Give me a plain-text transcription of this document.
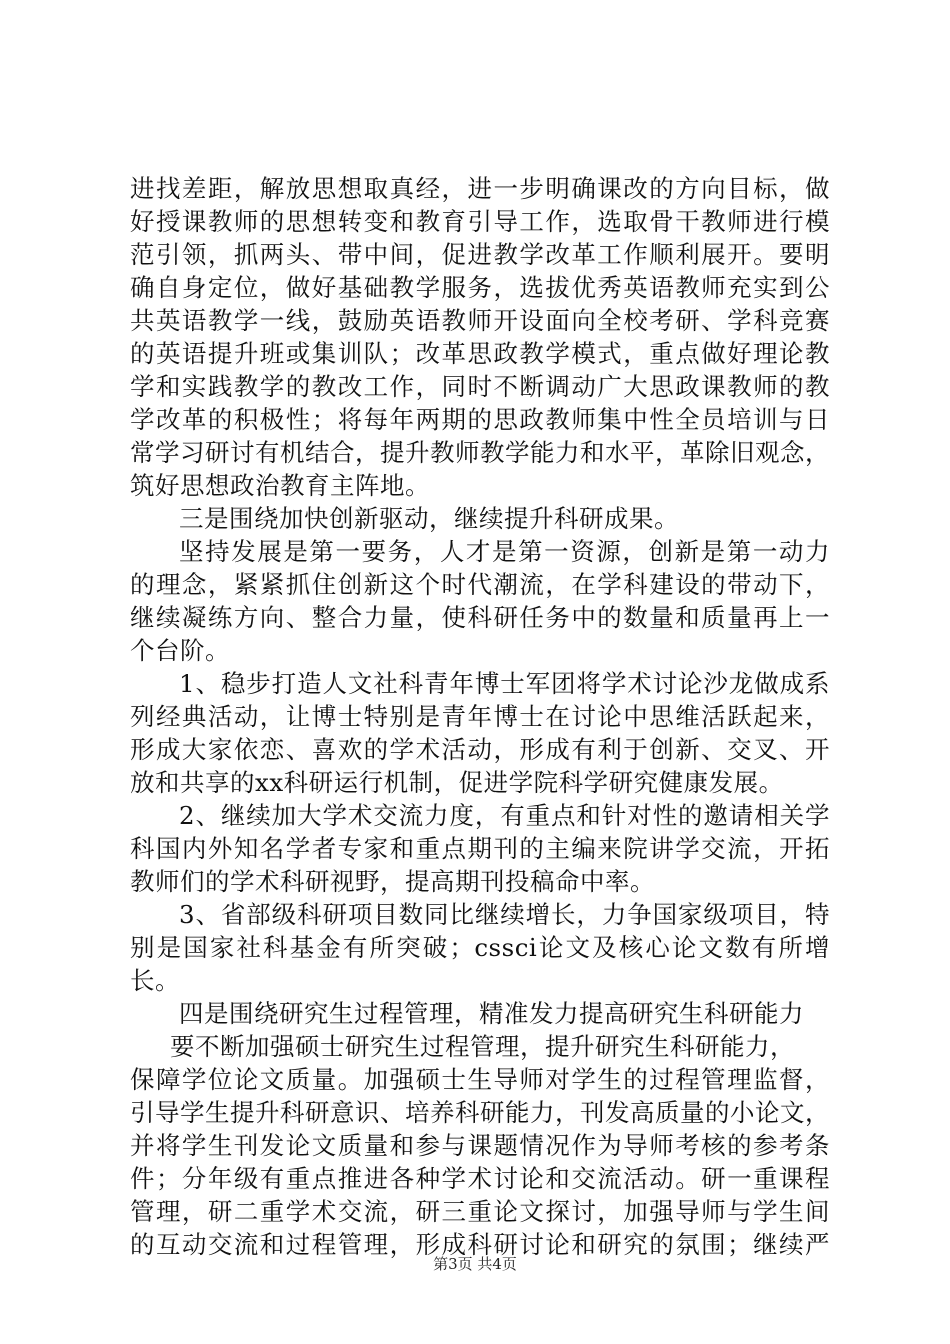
进找差距，解放思想取真经，进一步明确课改的方向目标，做
好授课教师的思想转变和教育引导工作，选取骨干教师进行模
范引领，抓两头、带中间，促进教学改革工作顺利展开。要明
确自身定位，做好基础教学服务，选拔优秀英语教师充实到公
共英语教学一线，鼓励英语教师开设面向全校考研、学科竞赛
的英语提升班或集训队；改革思政教学模式，重点做好理论教
学和实践教学的教改工作，同时不断调动广大思政课教师的教
学改革的积极性；将每年两期的思政教师集中性全员培训与日
常学习研讨有机结合，提升教师教学能力和水平，革除旧观念，
筑好思想政治教育主阵地。
三是围绕加快创新驱动，继续提升科研成果。
坚持发展是第一要务，人才是第一资源，创新是第一动力
的理念，紧紧抓住创新这个时代潮流，在学科建设的带动下，
继续凝练方向、整合力量，使科研任务中的数量和质量再上一
个台阶。
1、稳步打造人文社科青年博士军团将学术讨论沙龙做成系
列经典活动，让博士特别是青年博士在讨论中思维活跃起来，
形成大家依恋、喜欢的学术活动，形成有利于创新、交叉、开
放和共享的xx科研运行机制，促进学院科学研究健康发展。
2、继续加大学术交流力度，有重点和针对性的邀请相关学
科国内外知名学者专家和重点期刊的主编来院讲学交流，开拓
教师们的学术科研视野，提高期刊投稿命中率。
3、省部级科研项目数同比继续增长，力争国家级项目，特
别是国家社科基金有所突破；cssci论文及核心论文数有所增
长。
四是围绕研究生过程管理，精准发力提高研究生科研能力
要不断加强硕士研究生过程管理，提升研究生科研能力，
保障学位论文质量。加强硕士生导师对学生的过程管理监督，
引导学生提升科研意识、培养科研能力，刊发高质量的小论文，
并将学生刊发论文质量和参与课题情况作为导师考核的参考条
件；分年级有重点推进各种学术讨论和交流活动。研一重课程
管理，研二重学术交流，研三重论文探讨，加强导师与学生间
的互动交流和过程管理，形成科研讨论和研究的氛围；继续严
第3页 共4页
